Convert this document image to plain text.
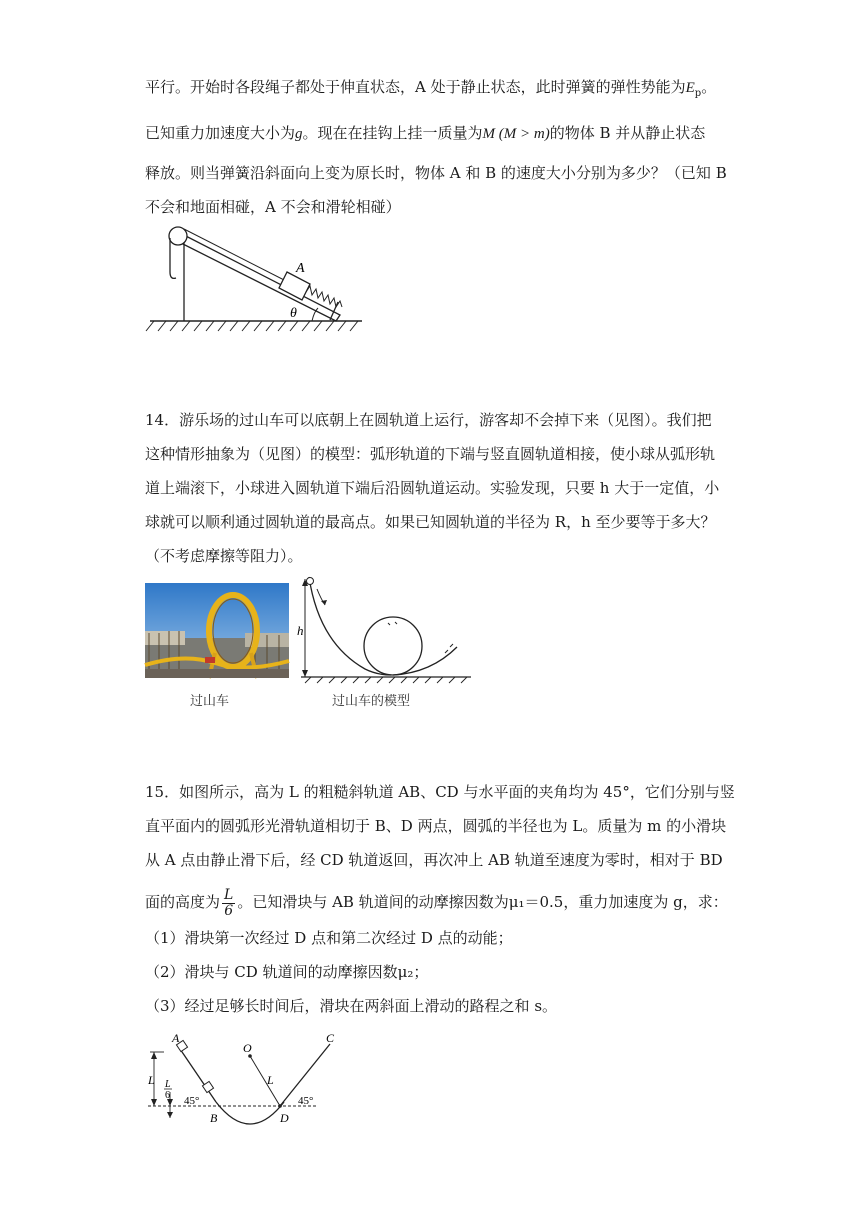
平行。开始时各段绳子都处于伸直状态，A 处于静止状态，此时弹簧的弹性势能为$E_p$。
已知重力加速度大小为g。现在在挂钩上挂一质量为M (M > m)的物体 B 并从静止状态
释放。则当弹簧沿斜面向上变为原长时，物体 A 和 B 的速度大小分别为多少？（已知 B
不会和地面相碰，A 不会和滑轮相碰）
A
θ
14．游乐场的过山车可以底朝上在圆轨道上运行，游客却不会掉下来（见图）。我们把
这种情形抽象为（见图）的模型：弧形轨道的下端与竖直圆轨道相接，使小球从弧形轨
道上端滚下，小球进入圆轨道下端后沿圆轨道运动。实验发现，只要 h 大于一定值，小
球就可以顺利通过圆轨道的最高点。如果已知圆轨道的半径为 R，h 至少要等于多大？
（不考虑摩擦等阻力）。
过山车
h
过山车的模型
15．如图所示，高为 L 的粗糙斜轨道 AB、CD 与水平面的夹角均为 45°，它们分别与竖
直平面内的圆弧形光滑轨道相切于 B、D 两点，圆弧的半径也为 L。质量为 m 的小滑块
从 A 点由静止滑下后，经 CD 轨道返回，再次冲上 AB 轨道至速度为零时，相对于 BD
面的高度为 $\frac{L}{6}$ 。已知滑块与 AB 轨道间的动摩擦因数为μ₁＝0.5，重力加速度为 g，求：
（1）滑块第一次经过 D 点和第二次经过 D 点的动能；
（2）滑块与 CD 轨道间的动摩擦因数μ₂；
（3）经过足够长时间后，滑块在两斜面上滑动的路程之和 s。
L L
6
A
B
C
D
O
L
45°	45°
